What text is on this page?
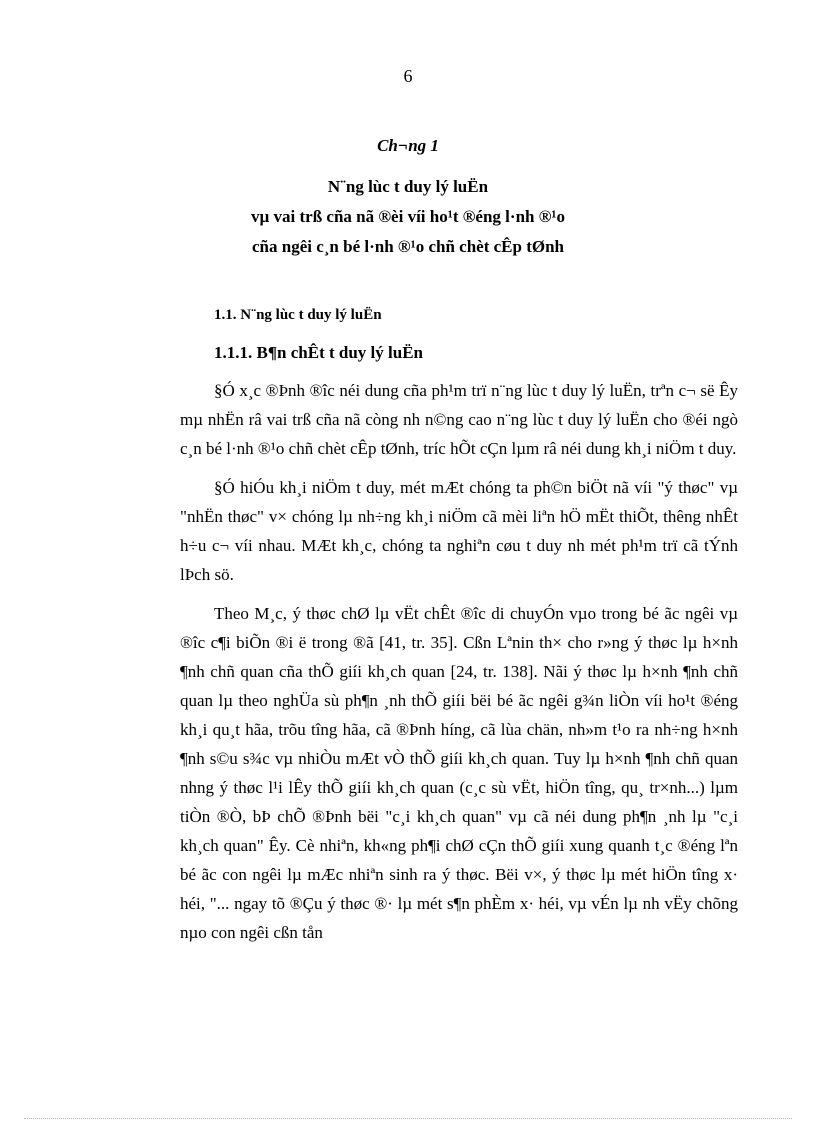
6
Ch¬ng 1
N¨ng lùc t duy lý luËn
vµ vai trß cña nã ®èi víi ho¹t ®éng l·nh ®¹o
cña ngêi c¸n bé l·nh ®¹o chñ chèt cÊp tØnh
1.1. N¨ng lùc t duy lý luËn
1.1.1. B¶n chÊt t duy lý luËn

§Ó x¸c ®Þnh ®îc néi dung cña ph¹m trï n¨ng lùc t duy lý luËn, trªn c¬ së Êy mµ nhËn râ vai trß cña nã còng nh n©ng cao n¨ng lùc t duy lý luËn cho ®éi ngò c¸n bé l·nh ®¹o chñ chèt cÊp tØnh, tríc hÕt cÇn lµm râ néi dung kh¸i niÖm t duy.

§Ó hiÓu kh¸i niÖm t duy, mét mÆt chóng ta ph©n biÖt nã víi "ý thøc" vµ "nhËn thøc" v× chóng lµ nh÷ng kh¸i niÖm cã mèi liªn hÖ mËt thiÕt, thêng nhÊt h÷u c¬ víi nhau. MÆt kh¸c, chóng ta nghiªn cøu t duy nh mét ph¹m trï cã tÝnh lÞch sö.

Theo M¸c, ý thøc chØ lµ vËt chÊt ®îc di chuyÓn vµo trong bé ãc ngêi vµ ®îc c¶i biÕn ®i ë trong ®ã [41, tr. 35]. Cßn Lªnin th× cho r»ng ý thøc lµ h×nh ¶nh chñ quan cña thÕ giíi kh¸ch quan [24, tr. 138]. Nãi ý thøc lµ h×nh ¶nh chñ quan lµ theo nghÜa sù ph¶n ¸nh thÕ giíi bëi bé ãc ngêi g¾n liÒn víi ho¹t ®éng kh¸i qu¸t hãa, trõu tîng hãa, cã ®Þnh híng, cã lùa chän, nh»m t¹o ra nh÷ng h×nh ¶nh s©u s¾c vµ nhiÒu mÆt vÒ thÕ giíi kh¸ch quan. Tuy lµ h×nh ¶nh chñ quan nhng ý thøc l¹i lÊy thÕ giíi kh¸ch quan (c¸c sù vËt, hiÖn tîng, qu¸ tr×nh...) lµm tiÒn ®Ò, bÞ chÕ ®Þnh bëi "c¸i kh¸ch quan" vµ cã néi dung ph¶n ¸nh lµ "c¸i kh¸ch quan" Êy. Cè nhiªn, kh«ng ph¶i chØ cÇn thÕ giíi xung quanh t¸c ®éng lªn bé ãc con ngêi lµ mÆc nhiªn sinh ra ý thøc. Bëi v×, ý thøc lµ mét hiÖn tîng x· héi, "... ngay tõ ®Çu ý thøc ®· lµ mét s¶n phÈm x· héi, vµ vÉn lµ nh vËy chõng nµo con ngêi cßn tån
